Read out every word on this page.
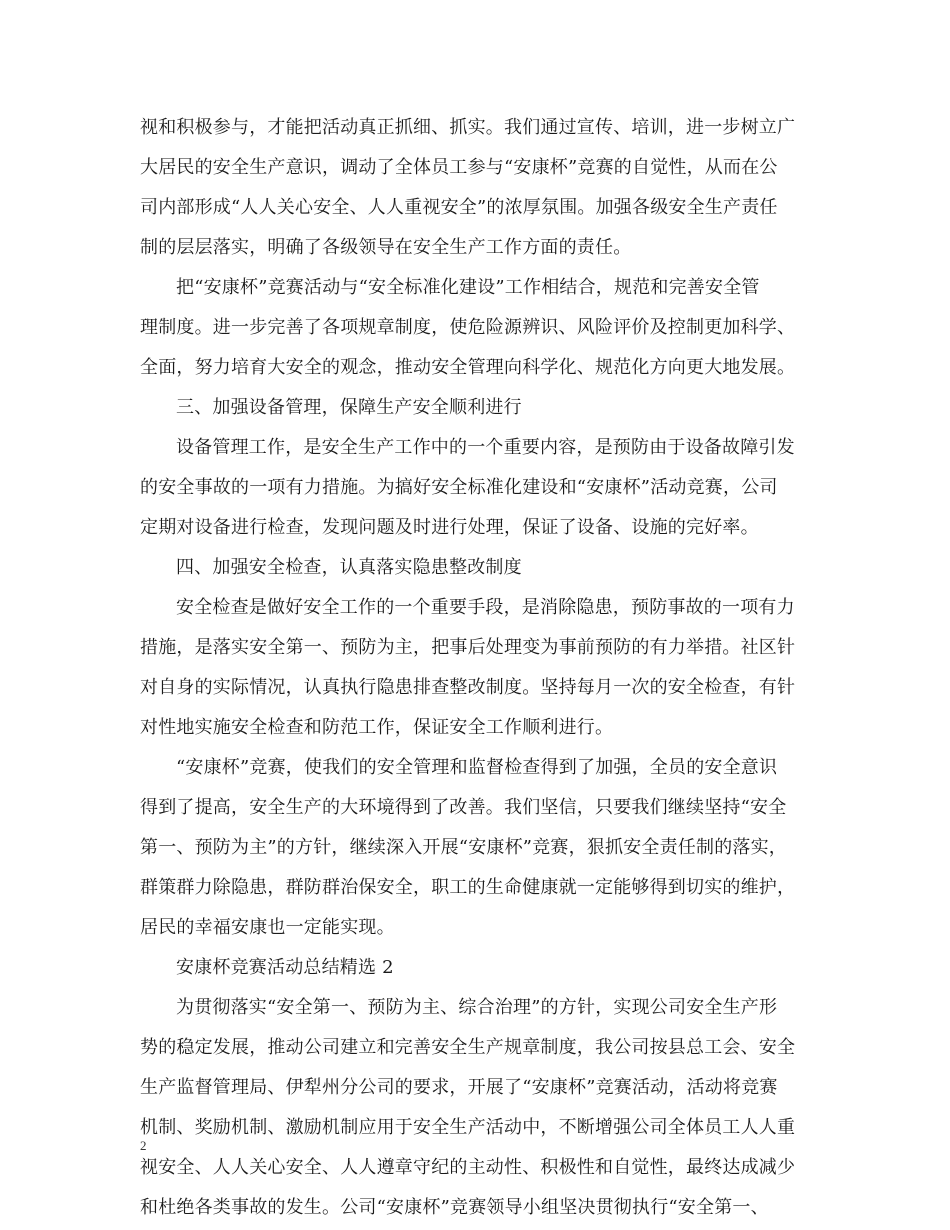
视和积极参与，才能把活动真正抓细、抓实。我们通过宣传、培训，进一步树立广
大居民的安全生产意识，调动了全体员工参与“安康杯”竞赛的自觉性，从而在公
司内部形成“人人关心安全、人人重视安全”的浓厚氛围。加强各级安全生产责任
制的层层落实，明确了各级领导在安全生产工作方面的责任。
把“安康杯”竞赛活动与“安全标准化建设”工作相结合，规范和完善安全管
理制度。进一步完善了各项规章制度，使危险源辨识、风险评价及控制更加科学、
全面，努力培育大安全的观念，推动安全管理向科学化、规范化方向更大地发展。
三、加强设备管理，保障生产安全顺利进行
设备管理工作，是安全生产工作中的一个重要内容，是预防由于设备故障引发
的安全事故的一项有力措施。为搞好安全标准化建设和“安康杯”活动竞赛，公司
定期对设备进行检查，发现问题及时进行处理，保证了设备、设施的完好率。
四、加强安全检查，认真落实隐患整改制度
安全检查是做好安全工作的一个重要手段，是消除隐患，预防事故的一项有力
措施，是落实安全第一、预防为主，把事后处理变为事前预防的有力举措。社区针
对自身的实际情况，认真执行隐患排查整改制度。坚持每月一次的安全检查，有针
对性地实施安全检查和防范工作，保证安全工作顺利进行。
“安康杯”竞赛，使我们的安全管理和监督检查得到了加强，全员的安全意识
得到了提高，安全生产的大环境得到了改善。我们坚信，只要我们继续坚持“安全
第一、预防为主”的方针，继续深入开展“安康杯”竞赛，狠抓安全责任制的落实，
群策群力除隐患，群防群治保安全，职工的生命健康就一定能够得到切实的维护，
居民的幸福安康也一定能实现。
安康杯竞赛活动总结精选 2
为贯彻落实“安全第一、预防为主、综合治理”的方针，实现公司安全生产形
势的稳定发展，推动公司建立和完善安全生产规章制度，我公司按县总工会、安全
生产监督管理局、伊犁州分公司的要求，开展了“安康杯”竞赛活动，活动将竞赛
机制、奖励机制、激励机制应用于安全生产活动中，不断增强公司全体员工人人重
视安全、人人关心安全、人人遵章守纪的主动性、积极性和自觉性，最终达成减少
和杜绝各类事故的发生。公司“安康杯”竞赛领导小组坚决贯彻执行“安全第一、
2
